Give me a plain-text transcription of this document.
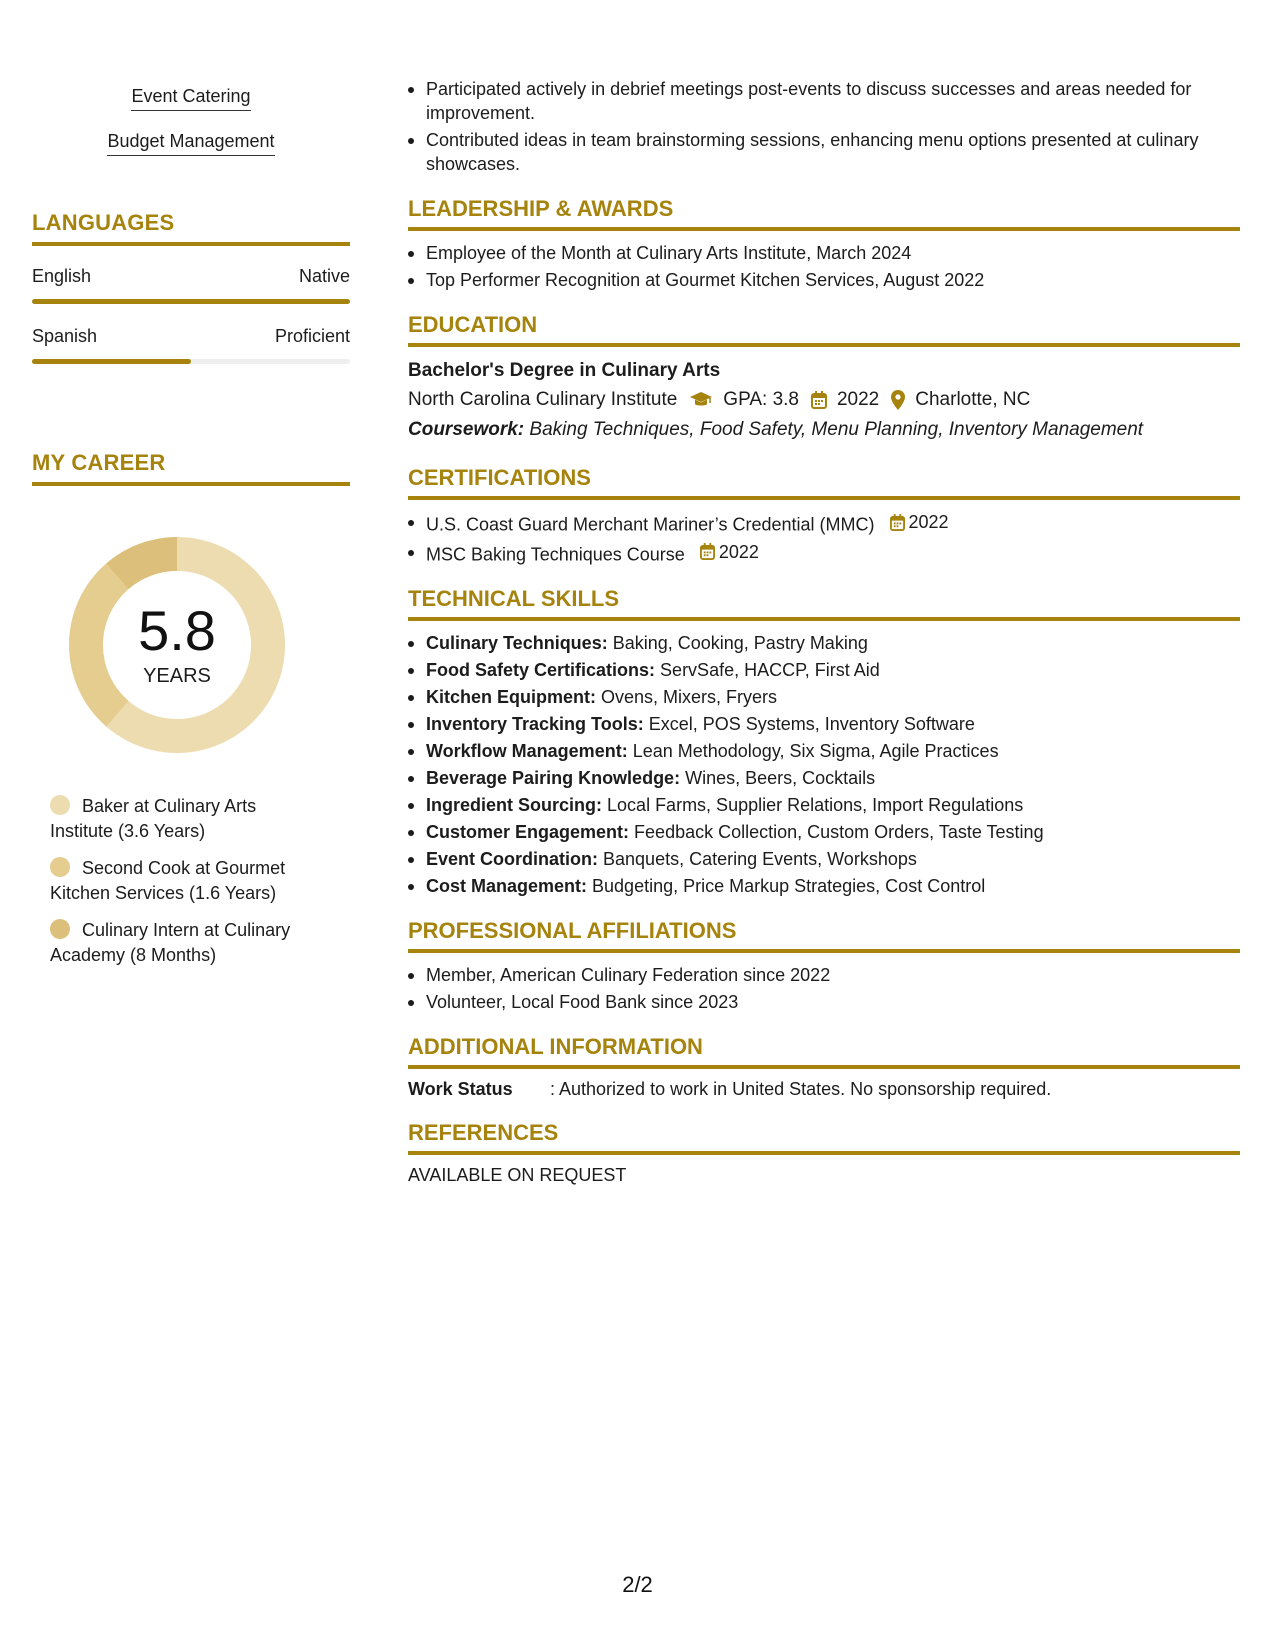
Event Catering
Budget Management
LANGUAGES
English	Native
Spanish	Proficient
MY CAREER
5.8
YEARS
Baker at Culinary Arts Institute (3.6 Years)
Second Cook at Gourmet Kitchen Services (1.6 Years)
Culinary Intern at Culinary Academy (8 Months)
Participated actively in debrief meetings post-events to discuss successes and areas needed for improvement.
Contributed ideas in team brainstorming sessions, enhancing menu options presented at culinary showcases.
LEADERSHIP & AWARDS
Employee of the Month at Culinary Arts Institute, March 2024
Top Performer Recognition at Gourmet Kitchen Services, August 2022
EDUCATION
Bachelor's Degree in Culinary Arts
North Carolina Culinary Institute GPA: 3.8 2022 Charlotte, NC
Coursework: Baking Techniques, Food Safety, Menu Planning, Inventory Management
CERTIFICATIONS
U.S. Coast Guard Merchant Mariner’s Credential (MMC) 2022
MSC Baking Techniques Course 2022
TECHNICAL SKILLS
Culinary Techniques: Baking, Cooking, Pastry Making
Food Safety Certifications: ServSafe, HACCP, First Aid
Kitchen Equipment: Ovens, Mixers, Fryers
Inventory Tracking Tools: Excel, POS Systems, Inventory Software
Workflow Management: Lean Methodology, Six Sigma, Agile Practices
Beverage Pairing Knowledge: Wines, Beers, Cocktails
Ingredient Sourcing: Local Farms, Supplier Relations, Import Regulations
Customer Engagement: Feedback Collection, Custom Orders, Taste Testing
Event Coordination: Banquets, Catering Events, Workshops
Cost Management: Budgeting, Price Markup Strategies, Cost Control
PROFESSIONAL AFFILIATIONS
Member, American Culinary Federation since 2022
Volunteer, Local Food Bank since 2023
ADDITIONAL INFORMATION
Work Status	: Authorized to work in United States. No sponsorship required.
REFERENCES
AVAILABLE ON REQUEST
2/2
